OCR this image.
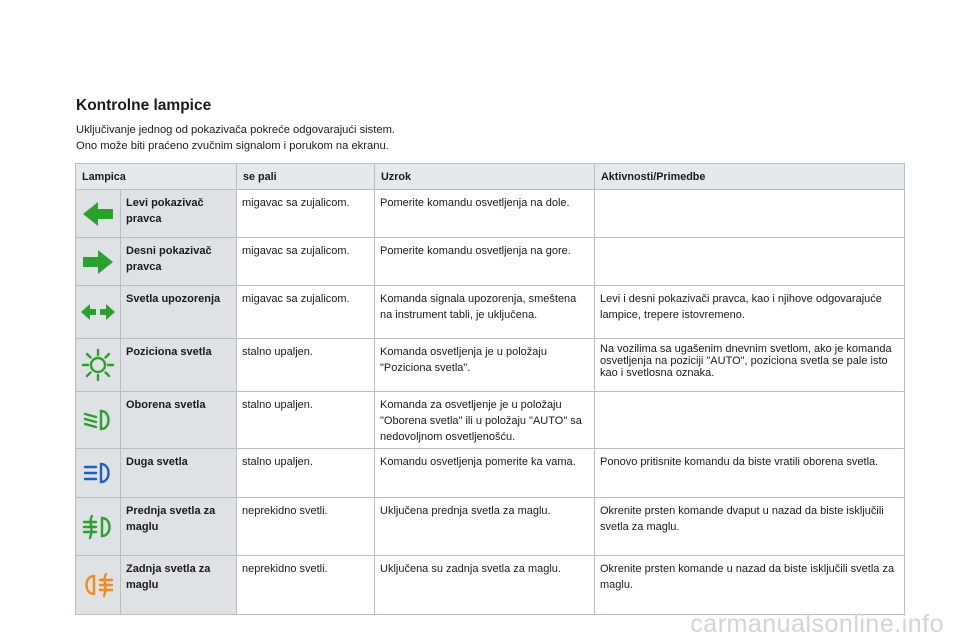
Kontrolne lampice
Uključivanje jednog od pokazivača pokreće odgovarajući sistem.
Ono može biti praćeno zvučnim signalom i porukom na ekranu.
Lampica		se pali	Uzrok	Aktivnosti/Primedbe

	Levi pokazivač pravca	migavac sa zujalicom.	Pomerite komandu osvetljenja na dole.	

	Desni pokazivač pravca	migavac sa zujalicom.	Pomerite komandu osvetljenja na gore.	

	Svetla upozorenja	migavac sa zujalicom.	Komanda signala upozorenja, smeštena na instrument tabli, je uključena.	Levi i desni pokazivači pravca, kao i njihove odgovarajuće lampice, trepere istovremeno.

	Poziciona svetla	stalno upaljen.	Komanda osvetljenja je u položaju "Poziciona svetla".	Na vozilima sa ugašenim dnevnim svetlom, ako je komanda osvetljenja na poziciji "AUTO", poziciona svetla se pale isto kao i svetlosna oznaka.

	Oborena svetla	stalno upaljen.	Komanda za osvetljenje je u položaju "Oborena svetla" ili u položaju "AUTO" sa nedovoljnom osvetljenošću.	

	Duga svetla	stalno upaljen.	Komandu osvetljenja pomerite ka vama.	Ponovo pritisnite komandu da biste vratili oborena svetla.

	Prednja svetla za maglu	neprekidno svetli.	Uključena prednja svetla za maglu.	Okrenite prsten komande dvaput u nazad da biste isključili svetla za maglu.

	Zadnja svetla za maglu	neprekidno svetli.	Uključena su zadnja svetla za maglu.	Okrenite prsten komande u nazad da biste isključili svetla za maglu.
carmanualsonline.info
